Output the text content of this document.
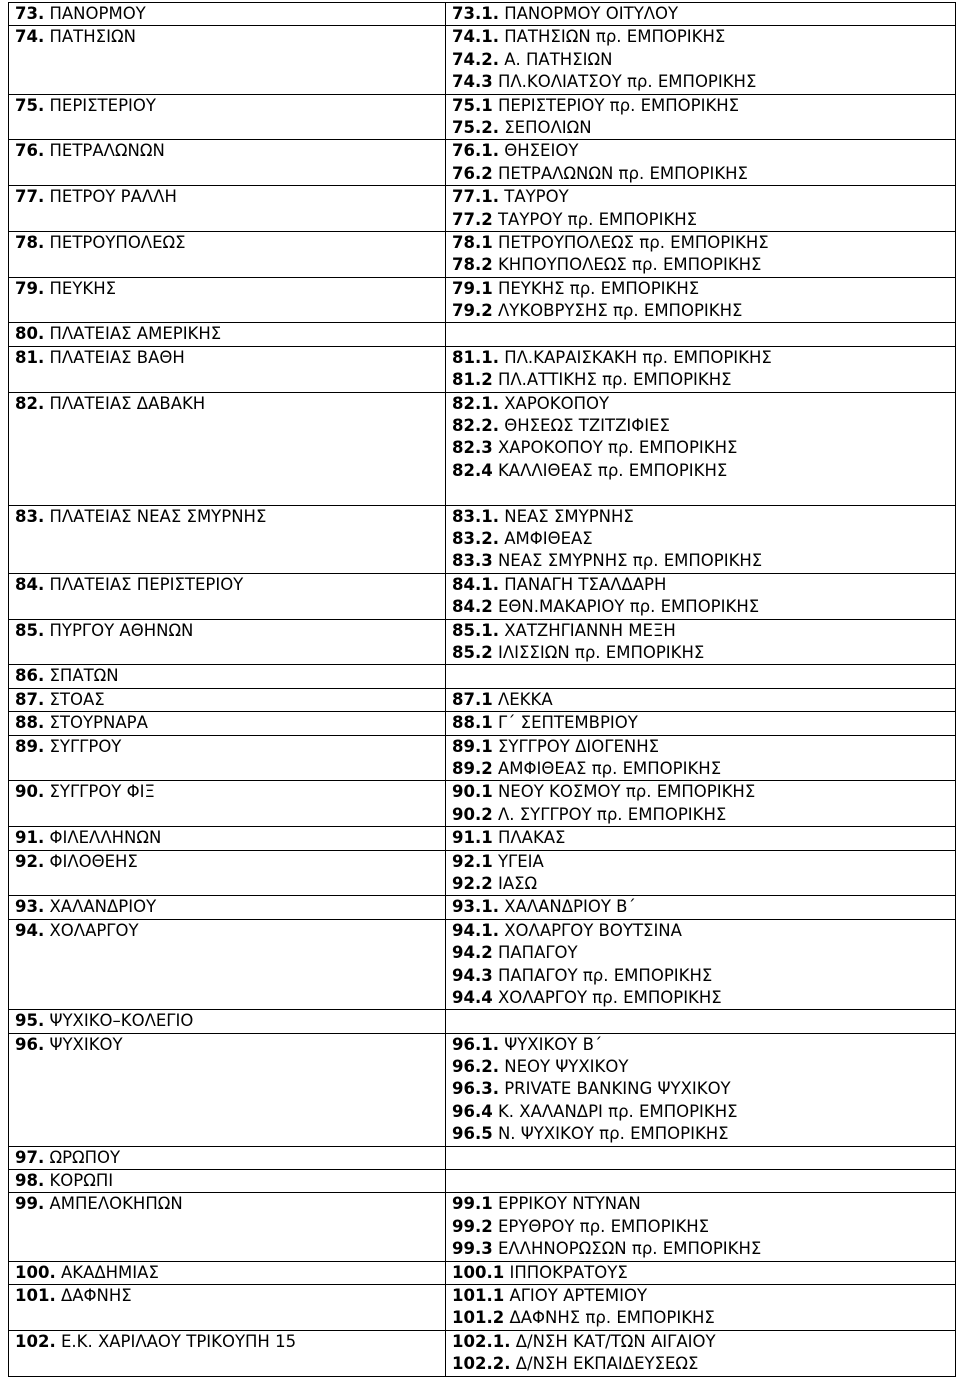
73. ΠΑΝΟΡΜΟΥ	73.1. ΠΑΝΟΡΜΟΥ ΟΙΤΥΛΟΥ

74. ΠΑΤΗΣΙΩΝ	74.1. ΠΑΤΗΣΙΩΝ πρ. ΕΜΠΟΡΙΚΗΣ
74.2. Α. ΠΑΤΗΣΙΩΝ
74.3 ΠΛ.ΚΟΛΙΑΤΣΟΥ πρ. ΕΜΠΟΡΙΚΗΣ

75. ΠΕΡΙΣΤΕΡΙΟΥ	75.1 ΠΕΡΙΣΤΕΡΙΟΥ πρ. ΕΜΠΟΡΙΚΗΣ
75.2. ΣΕΠΟΛΙΩΝ

76. ΠΕΤΡΑΛΩΝΩΝ	76.1. ΘΗΣΕΙΟΥ
76.2 ΠΕΤΡΑΛΩΝΩΝ πρ. ΕΜΠΟΡΙΚΗΣ

77. ΠΕΤΡΟΥ ΡΑΛΛΗ	77.1. ΤΑΥΡΟΥ
77.2 ΤΑΥΡΟΥ πρ. ΕΜΠΟΡΙΚΗΣ

78. ΠΕΤΡΟΥΠΟΛΕΩΣ	78.1 ΠΕΤΡΟΥΠΟΛΕΩΣ πρ. ΕΜΠΟΡΙΚΗΣ
78.2 ΚΗΠΟΥΠΟΛΕΩΣ πρ. ΕΜΠΟΡΙΚΗΣ

79. ΠΕΥΚΗΣ	79.1 ΠΕΥΚΗΣ πρ. ΕΜΠΟΡΙΚΗΣ
79.2 ΛΥΚΟΒΡΥΣΗΣ πρ. ΕΜΠΟΡΙΚΗΣ

80. ΠΛΑΤΕΙΑΣ ΑΜΕΡΙΚΗΣ	

81. ΠΛΑΤΕΙΑΣ ΒΑΘΗ	81.1. ΠΛ.ΚΑΡΑΙΣΚΑΚΗ πρ. ΕΜΠΟΡΙΚΗΣ
81.2 ΠΛ.ΑΤΤΙΚΗΣ πρ. ΕΜΠΟΡΙΚΗΣ

82. ΠΛΑΤΕΙΑΣ ΔΑΒΑΚΗ	82.1. ΧΑΡΟΚΟΠΟΥ
82.2. ΘΗΣΕΩΣ ΤΖΙΤΖΙΦΙΕΣ
82.3 ΧΑΡΟΚΟΠΟΥ πρ. ΕΜΠΟΡΙΚΗΣ
82.4 ΚΑΛΛΙΘΕΑΣ πρ. ΕΜΠΟΡΙΚΗΣ

83. ΠΛΑΤΕΙΑΣ ΝΕΑΣ ΣΜΥΡΝΗΣ	83.1. ΝΕΑΣ ΣΜΥΡΝΗΣ
83.2. ΑΜΦΙΘΕΑΣ
83.3 ΝΕΑΣ ΣΜΥΡΝΗΣ πρ. ΕΜΠΟΡΙΚΗΣ

84. ΠΛΑΤΕΙΑΣ ΠΕΡΙΣΤΕΡΙΟΥ	84.1. ΠΑΝΑΓΗ ΤΣΑΛΔΑΡΗ
84.2 ΕΘΝ.ΜΑΚΑΡΙΟΥ πρ. ΕΜΠΟΡΙΚΗΣ

85. ΠΥΡΓΟΥ ΑΘΗΝΩΝ	85.1. ΧΑΤΖΗΓΙΑΝΝΗ ΜΕΞΗ
85.2 ΙΛΙΣΣΙΩΝ πρ. ΕΜΠΟΡΙΚΗΣ

86. ΣΠΑΤΩΝ	

87. ΣΤΟΑΣ	87.1 ΛΕΚΚΑ

88. ΣΤΟΥΡΝΑΡΑ	88.1 Γ΄ ΣΕΠΤΕΜΒΡΙΟΥ

89. ΣΥΓΓΡΟΥ	89.1 ΣΥΓΓΡΟΥ ΔΙΟΓΕΝΗΣ
89.2 ΑΜΦΙΘΕΑΣ πρ. ΕΜΠΟΡΙΚΗΣ

90. ΣΥΓΓΡΟΥ ΦΙΞ	90.1 ΝΕΟΥ ΚΟΣΜΟΥ πρ. ΕΜΠΟΡΙΚΗΣ
90.2 Λ. ΣΥΓΓΡΟΥ πρ. ΕΜΠΟΡΙΚΗΣ

91. ΦΙΛΕΛΛΗΝΩΝ	91.1 ΠΛΑΚΑΣ

92. ΦΙΛΟΘΕΗΣ	92.1 ΥΓΕΙΑ
92.2 ΙΑΣΩ

93. ΧΑΛΑΝΔΡΙΟΥ	93.1. ΧΑΛΑΝΔΡΙΟΥ Β΄

94. ΧΟΛΑΡΓΟΥ	94.1. ΧΟΛΑΡΓΟΥ ΒΟΥΤΣΙΝΑ
94.2 ΠΑΠΑΓΟΥ
94.3 ΠΑΠΑΓΟΥ πρ. ΕΜΠΟΡΙΚΗΣ
94.4 ΧΟΛΑΡΓΟΥ πρ. ΕΜΠΟΡΙΚΗΣ

95. ΨΥΧΙΚΟ–ΚΟΛΕΓΙΟ	

96. ΨΥΧΙΚΟΥ	96.1. ΨΥΧΙΚΟΥ Β΄
96.2. ΝΕΟΥ ΨΥΧΙΚΟΥ
96.3. PRIVATE BANKING ΨΥΧΙΚΟΥ
96.4 Κ. ΧΑΛΑΝΔΡΙ πρ. ΕΜΠΟΡΙΚΗΣ
96.5 Ν. ΨΥΧΙΚΟΥ πρ. ΕΜΠΟΡΙΚΗΣ

97. ΩΡΩΠΟΥ	

98. ΚΟΡΩΠΙ	

99. ΑΜΠΕΛΟΚΗΠΩΝ	99.1 ΕΡΡΙΚΟΥ ΝΤΥΝΑΝ
99.2 ΕΡΥΘΡΟΥ πρ. ΕΜΠΟΡΙΚΗΣ
99.3 ΕΛΛΗΝΟΡΩΣΩΝ πρ. ΕΜΠΟΡΙΚΗΣ

100. ΑΚΑΔΗΜΙΑΣ	100.1 ΙΠΠΟΚΡΑΤΟΥΣ

101. ΔΑΦΝΗΣ	101.1 ΑΓΙΟΥ ΑΡΤΕΜΙΟΥ
101.2 ΔΑΦΝΗΣ πρ. ΕΜΠΟΡΙΚΗΣ

102. Ε.Κ. ΧΑΡΙΛΑΟΥ ΤΡΙΚΟΥΠΗ 15	102.1. Δ/ΝΣΗ ΚΑΤ/ΤΩΝ ΑΙΓΑΙΟΥ
102.2. Δ/ΝΣΗ ΕΚΠΑΙΔΕΥΣΕΩΣ
